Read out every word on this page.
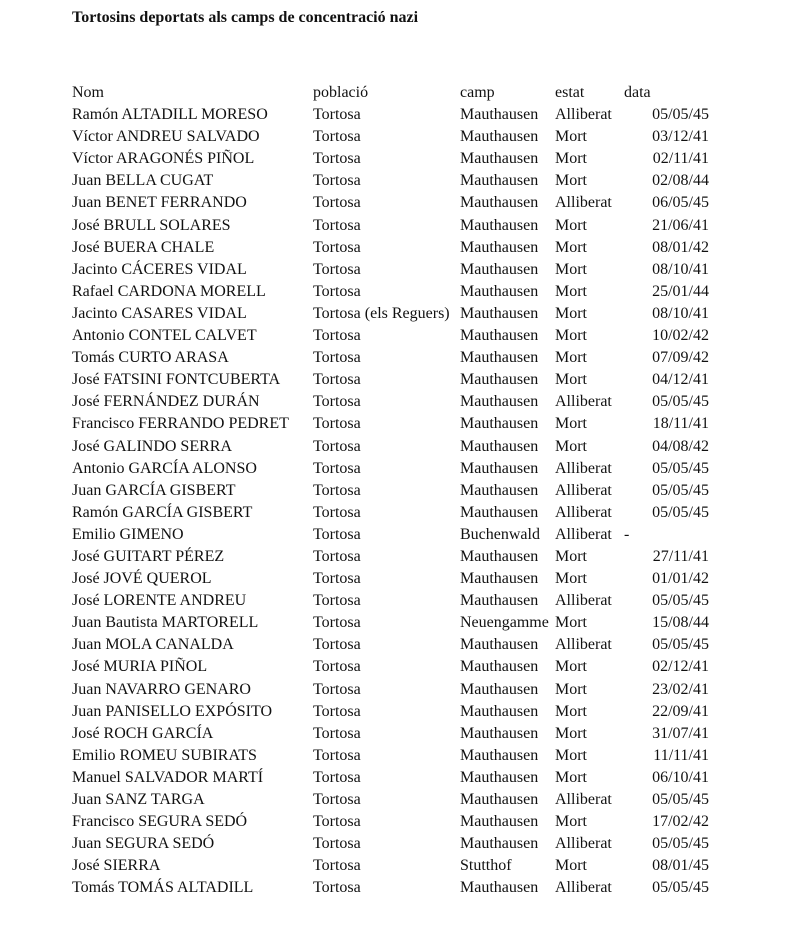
Tortosins deportats als camps de concentració nazi
Nom	població	camp	estat data
Ramón ALTADILL MORESO	Tortosa	Mauthausen Alliberat	05/05/45
Víctor ANDREU SALVADO	Tortosa	Mauthausen Mort	03/12/41
Víctor ARAGONÉS PIÑOL	Tortosa	Mauthausen Mort	02/11/41
Juan BELLA CUGAT	Tortosa	Mauthausen Mort	02/08/44
Juan BENET FERRANDO	Tortosa	Mauthausen Alliberat	06/05/45
José BRULL SOLARES	Tortosa	Mauthausen Mort	21/06/41
José BUERA CHALE	Tortosa	Mauthausen Mort	08/01/42
Jacinto CÁCERES VIDAL	Tortosa	Mauthausen Mort	08/10/41
Rafael CARDONA MORELL	Tortosa	Mauthausen Mort	25/01/44
Jacinto CASARES VIDAL	Tortosa (els Reguers) Mauthausen Mort	08/10/41
Antonio CONTEL CALVET	Tortosa	Mauthausen Mort	10/02/42
Tomás CURTO ARASA	Tortosa	Mauthausen Mort	07/09/42
José FATSINI FONTCUBERTA Tortosa	Mauthausen Mort	04/12/41
José FERNÁNDEZ DURÁN	Tortosa	Mauthausen Alliberat	05/05/45
Francisco FERRANDO PEDRET Tortosa	Mauthausen Mort	18/11/41
José GALINDO SERRA	Tortosa	Mauthausen Mort	04/08/42
Antonio GARCÍA ALONSO	Tortosa	Mauthausen Alliberat	05/05/45
Juan GARCÍA GISBERT	Tortosa	Mauthausen Alliberat	05/05/45
Ramón GARCÍA GISBERT	Tortosa	Mauthausen Alliberat	05/05/45
Emilio GIMENO	Tortosa	Buchenwald Alliberat -
José GUITART PÉREZ	Tortosa	Mauthausen Mort	27/11/41
José JOVÉ QUEROL	Tortosa	Mauthausen Mort	01/01/42
José LORENTE ANDREU	Tortosa	Mauthausen Alliberat	05/05/45
Juan Bautista MARTORELL	Tortosa	Neuengamme Mort	15/08/44
Juan MOLA CANALDA	Tortosa	Mauthausen Alliberat	05/05/45
José MURIA PIÑOL	Tortosa	Mauthausen Mort	02/12/41
Juan NAVARRO GENARO	Tortosa	Mauthausen Mort	23/02/41
Juan PANISELLO EXPÓSITO	Tortosa	Mauthausen Mort	22/09/41
José ROCH GARCÍA	Tortosa	Mauthausen Mort	31/07/41
Emilio ROMEU SUBIRATS	Tortosa	Mauthausen Mort	11/11/41
Manuel SALVADOR MARTÍ	Tortosa	Mauthausen Mort	06/10/41
Juan SANZ TARGA	Tortosa	Mauthausen Alliberat	05/05/45
Francisco SEGURA SEDÓ	Tortosa	Mauthausen Mort	17/02/42
Juan SEGURA SEDÓ	Tortosa	Mauthausen Alliberat	05/05/45
José SIERRA	Tortosa	Stutthof	Mort	08/01/45
Tomás TOMÁS ALTADILL	Tortosa	Mauthausen Alliberat	05/05/45
